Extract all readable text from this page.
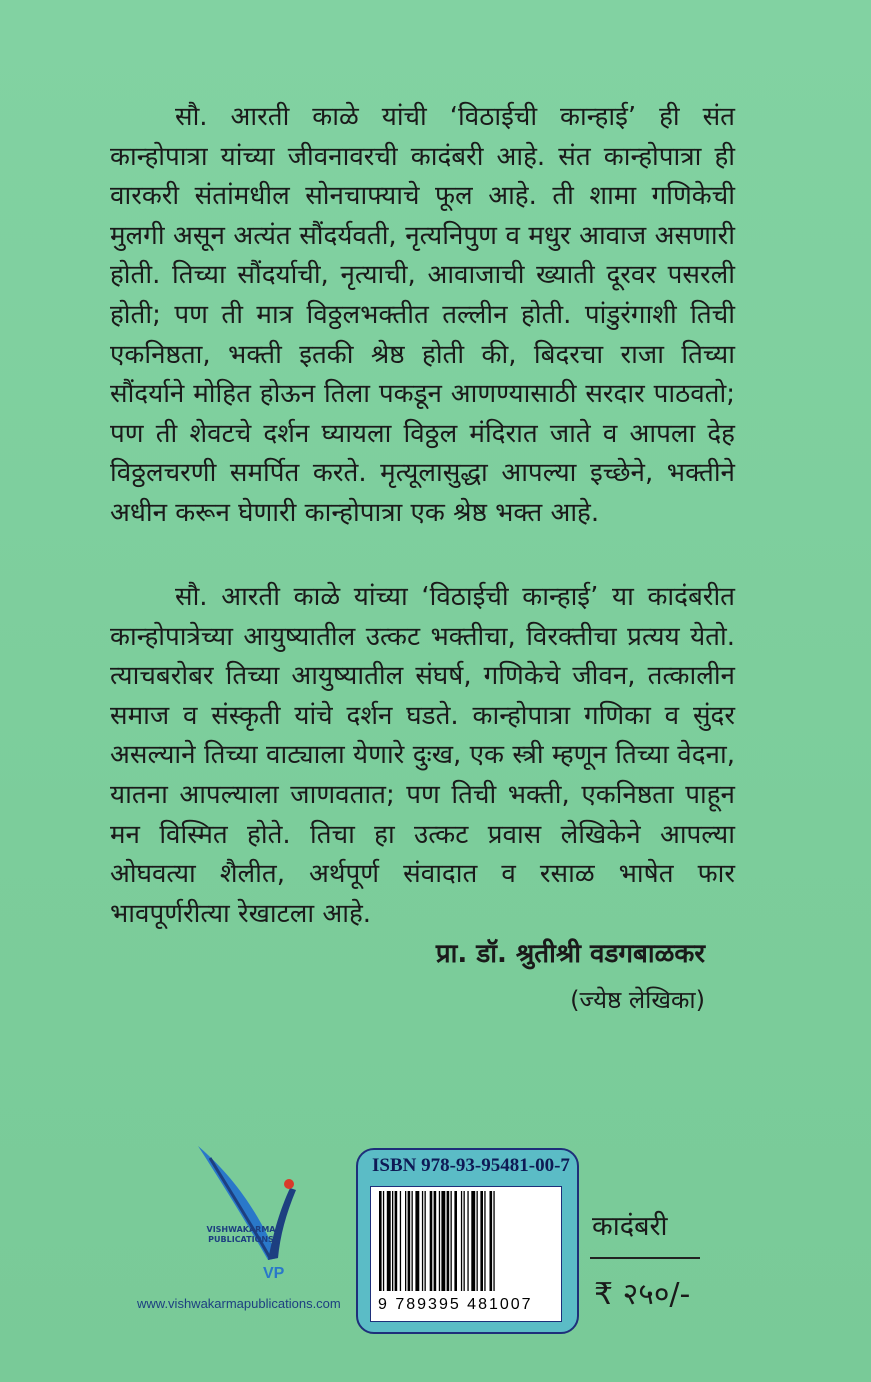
सौ. आरती काळे यांची ‘विठाईची कान्हाई’ ही संत कान्होपात्रा यांच्या जीवनावरची कादंबरी आहे. संत कान्होपात्रा ही वारकरी संतांमधील सोनचाफ्याचे फूल आहे. ती शामा गणिकेची मुलगी असून अत्यंत सौंदर्यवती, नृत्यनिपुण व मधुर आवाज असणारी होती. तिच्या सौंदर्याची, नृत्याची, आवाजाची ख्याती दूरवर पसरली होती; पण ती मात्र विठ्ठलभक्तीत तल्लीन होती. पांडुरंगाशी तिची एकनिष्ठता, भक्ती इतकी श्रेष्ठ होती की, बिदरचा राजा तिच्या सौंदर्याने मोहित होऊन तिला पकडून आणण्यासाठी सरदार पाठवतो; पण ती शेवटचे दर्शन घ्यायला विठ्ठल मंदिरात जाते व आपला देह विठ्ठलचरणी समर्पित करते. मृत्यूलासुद्धा आपल्या इच्छेने, भक्तीने अधीन करून घेणारी कान्होपात्रा एक श्रेष्ठ भक्त आहे.

सौ. आरती काळे यांच्या ‘विठाईची कान्हाई’ या कादंबरीत कान्होपात्रेच्या आयुष्यातील उत्कट भक्तीचा, विरक्तीचा प्रत्यय येतो. त्याचबरोबर तिच्या आयुष्यातील संघर्ष, गणिकेचे जीवन, तत्कालीन समाज व संस्कृती यांचे दर्शन घडते. कान्होपात्रा गणिका व सुंदर असल्याने तिच्या वाट्याला येणारे दुःख, एक स्त्री म्हणून तिच्या वेदना, यातना आपल्याला जाणवतात; पण तिची भक्ती, एकनिष्ठता पाहून मन विस्मित होते. तिचा हा उत्कट प्रवास लेखिकेने आपल्या ओघवत्या शैलीत, अर्थपूर्ण संवादात व रसाळ भाषेत फार भावपूर्णरीत्या रेखाटला आहे.

प्रा. डॉ. श्रुतीश्री वडगबाळकर
(ज्येष्ठ लेखिका)
VP
VISHWAKARMA
PUBLICATIONS
www.vishwakarmapublications.com
ISBN 978-93-95481-00-7
9 789395 481007
कादंबरी
₹ २५०/-
